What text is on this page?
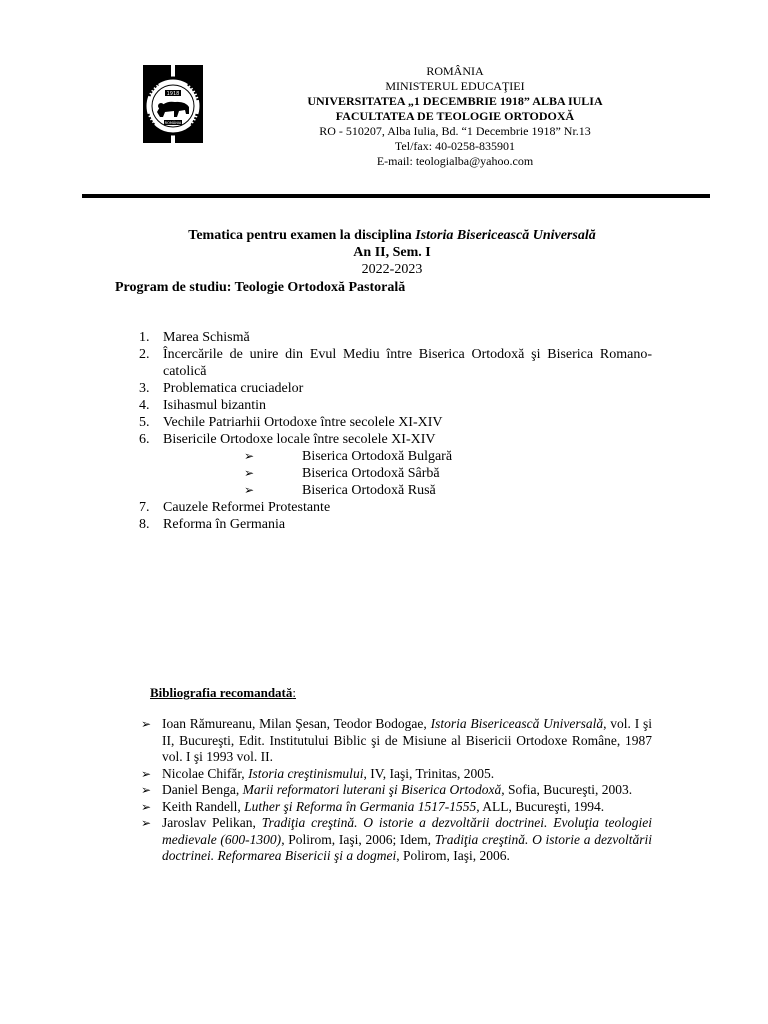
1918
ROMÂNIA
ROMÂNIA
MINISTERUL EDUCAŢIEI
UNIVERSITATEA „1 DECEMBRIE 1918” ALBA IULIA
FACULTATEA DE TEOLOGIE ORTODOXĂ
RO - 510207, Alba Iulia, Bd. “1 Decembrie 1918” Nr.13
Tel/fax: 40-0258-835901
E-mail: teologialba@yahoo.com
Tematica pentru examen la disciplina Istoria Bisericească Universală
An II, Sem. I
2022-2023
Program de studiu: Teologie Ortodoxă Pastorală
1. Marea Schismă
2. Încercările de unire din Evul Mediu între Biserica Ortodoxă şi Biserica Romano-catolică
3. Problematica cruciadelor
4. Isihasmul bizantin
5. Vechile Patriarhii Ortodoxe între secolele XI-XIV
6. Bisericile Ortodoxe locale între secolele XI-XIV
➢	Biserica Ortodoxă Bulgară
➢	Biserica Ortodoxă Sârbă
➢	Biserica Ortodoxă Rusă
7. Cauzele Reformei Protestante
8. Reforma în Germania
Bibliografia recomandată:
➢ Ioan Rămureanu, Milan Şesan, Teodor Bodogae, Istoria Bisericească Universală, vol. I şi II, Bucureşti, Edit. Institutului Biblic şi de Misiune al Bisericii Ortodoxe Române, 1987 vol. I şi 1993 vol. II.
➢ Nicolae Chifăr, Istoria creştinismului, IV, Iaşi, Trinitas, 2005.
➢ Daniel Benga, Marii reformatori luterani şi Biserica Ortodoxă, Sofia, Bucureşti, 2003.
➢ Keith Randell, Luther şi Reforma în Germania 1517-1555, ALL, Bucureşti, 1994.
➢ Jaroslav Pelikan, Tradiţia creştină. O istorie a dezvoltării doctrinei. Evoluţia teologiei medievale (600-1300), Polirom, Iaşi, 2006; Idem, Tradiţia creştină. O istorie a dezvoltării doctrinei. Reformarea Bisericii şi a dogmei, Polirom, Iaşi, 2006.
